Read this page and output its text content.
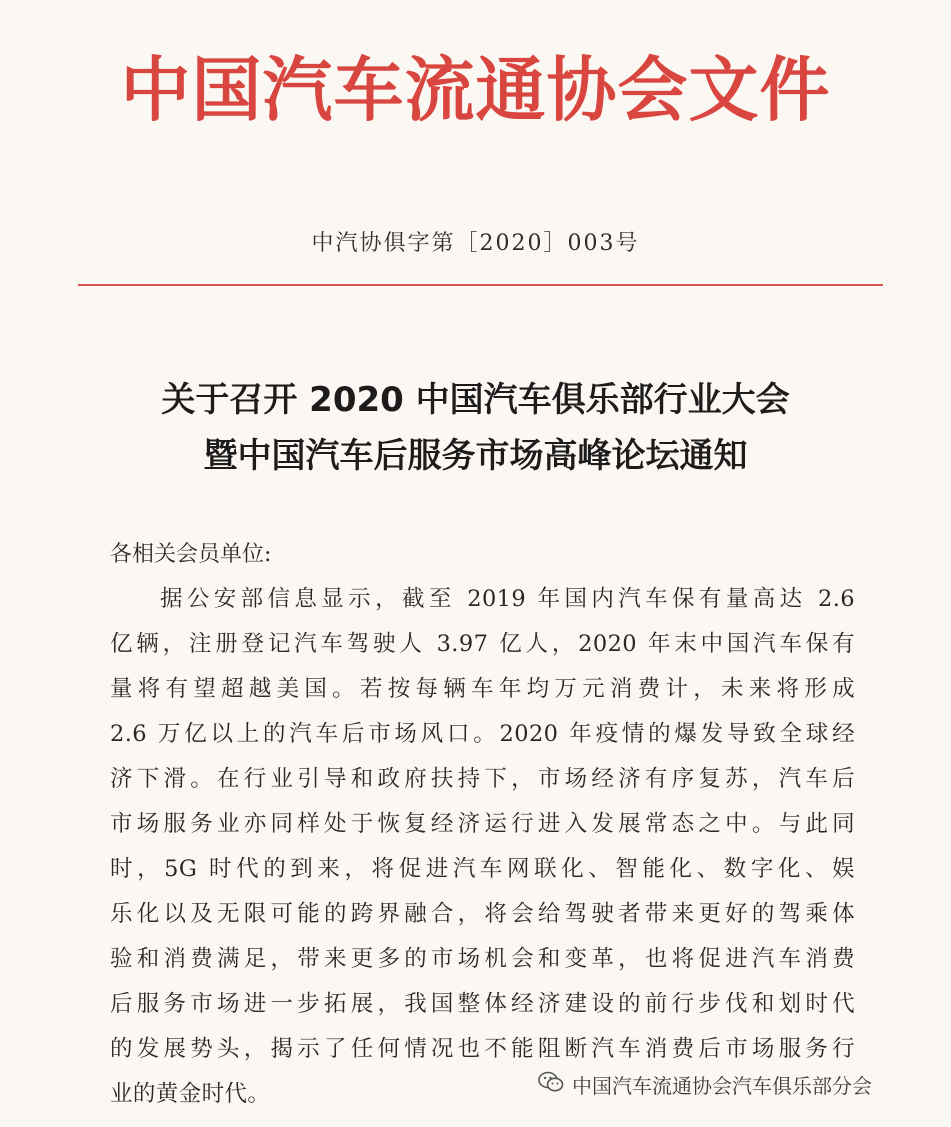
中国汽车流通协会文件
中汽协俱字第［2020］003号
关于召开 2020 中国汽车俱乐部行业大会
暨中国汽车后服务市场高峰论坛通知
各相关会员单位:
据公安部信息显示，截至 2019 年国内汽车保有量高达 2.6
亿辆，注册登记汽车驾驶人 3.97 亿人，2020 年末中国汽车保有
量将有望超越美国。若按每辆车年均万元消费计，未来将形成
2.6 万亿以上的汽车后市场风口。2020 年疫情的爆发导致全球经
济下滑。在行业引导和政府扶持下，市场经济有序复苏，汽车后
市场服务业亦同样处于恢复经济运行进入发展常态之中。与此同
时，5G 时代的到来，将促进汽车网联化、智能化、数字化、娱
乐化以及无限可能的跨界融合，将会给驾驶者带来更好的驾乘体
验和消费满足，带来更多的市场机会和变革，也将促进汽车消费
后服务市场进一步拓展，我国整体经济建设的前行步伐和划时代
的发展势头，揭示了任何情况也不能阻断汽车消费后市场服务行
业的黄金时代。	中国汽车流通协会汽车俱乐部分会
